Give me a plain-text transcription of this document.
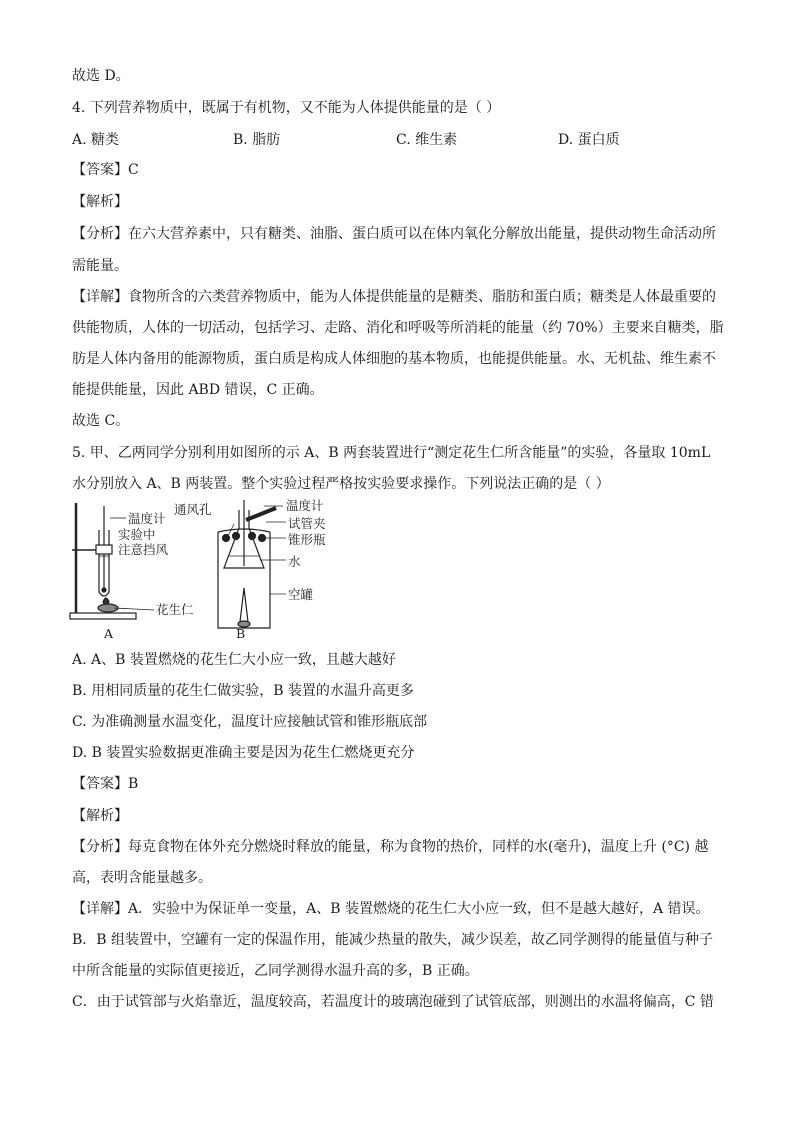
故选 D。
4. 下列营养物质中，既属于有机物，又不能为人体提供能量的是（ ）
A. 糖类	B. 脂肪	C. 维生素	D. 蛋白质
【答案】C
【解析】
【分析】在六大营养素中，只有糖类、油脂、蛋白质可以在体内氧化分解放出能量，提供动物生命活动所
需能量。
【详解】食物所含的六类营养物质中，能为人体提供能量的是糖类、脂肪和蛋白质；糖类是人体最重要的
供能物质，人体的一切活动，包括学习、走路、消化和呼吸等所消耗的能量（约 70%）主要来自糖类，脂
肪是人体内备用的能源物质，蛋白质是构成人体细胞的基本物质，也能提供能量。水、无机盐、维生素不
能提供能量，因此 ABD 错误，C 正确。
故选 C。
5. 甲、乙两同学分别利用如图所的示 A、B 两套装置进行“测定花生仁所含能量”的实验，各量取 10mL
水分别放入 A、B 两装置。整个实验过程严格按实验要求操作。下列说法正确的是（ ）
温度计
实验中
注意挡风
花生仁
A
通风孔	温度计
试管夹
锥形瓶
水
空罐
B
A. A、B 装置燃烧的花生仁大小应一致，且越大越好
B. 用相同质量的花生仁做实验，B 装置的水温升高更多
C. 为准确测量水温变化，温度计应接触试管和锥形瓶底部
D. B 装置实验数据更准确主要是因为花生仁燃烧更充分
【答案】B
【解析】
【分析】每克食物在体外充分燃烧时释放的能量，称为食物的热价，同样的水(毫升)，温度上升 (°C) 越
高，表明含能量越多。
【详解】A．实验中为保证单一变量，A、B 装置燃烧的花生仁大小应一致，但不是越大越好，A 错误。
B．B 组装置中，空罐有一定的保温作用，能减少热量的散失，减少误差，故乙同学测得的能量值与种子
中所含能量的实际值更接近，乙同学测得水温升高的多，B 正确。
C．由于试管部与火焰靠近，温度较高，若温度计的玻璃泡碰到了试管底部，则测出的水温将偏高，C 错
